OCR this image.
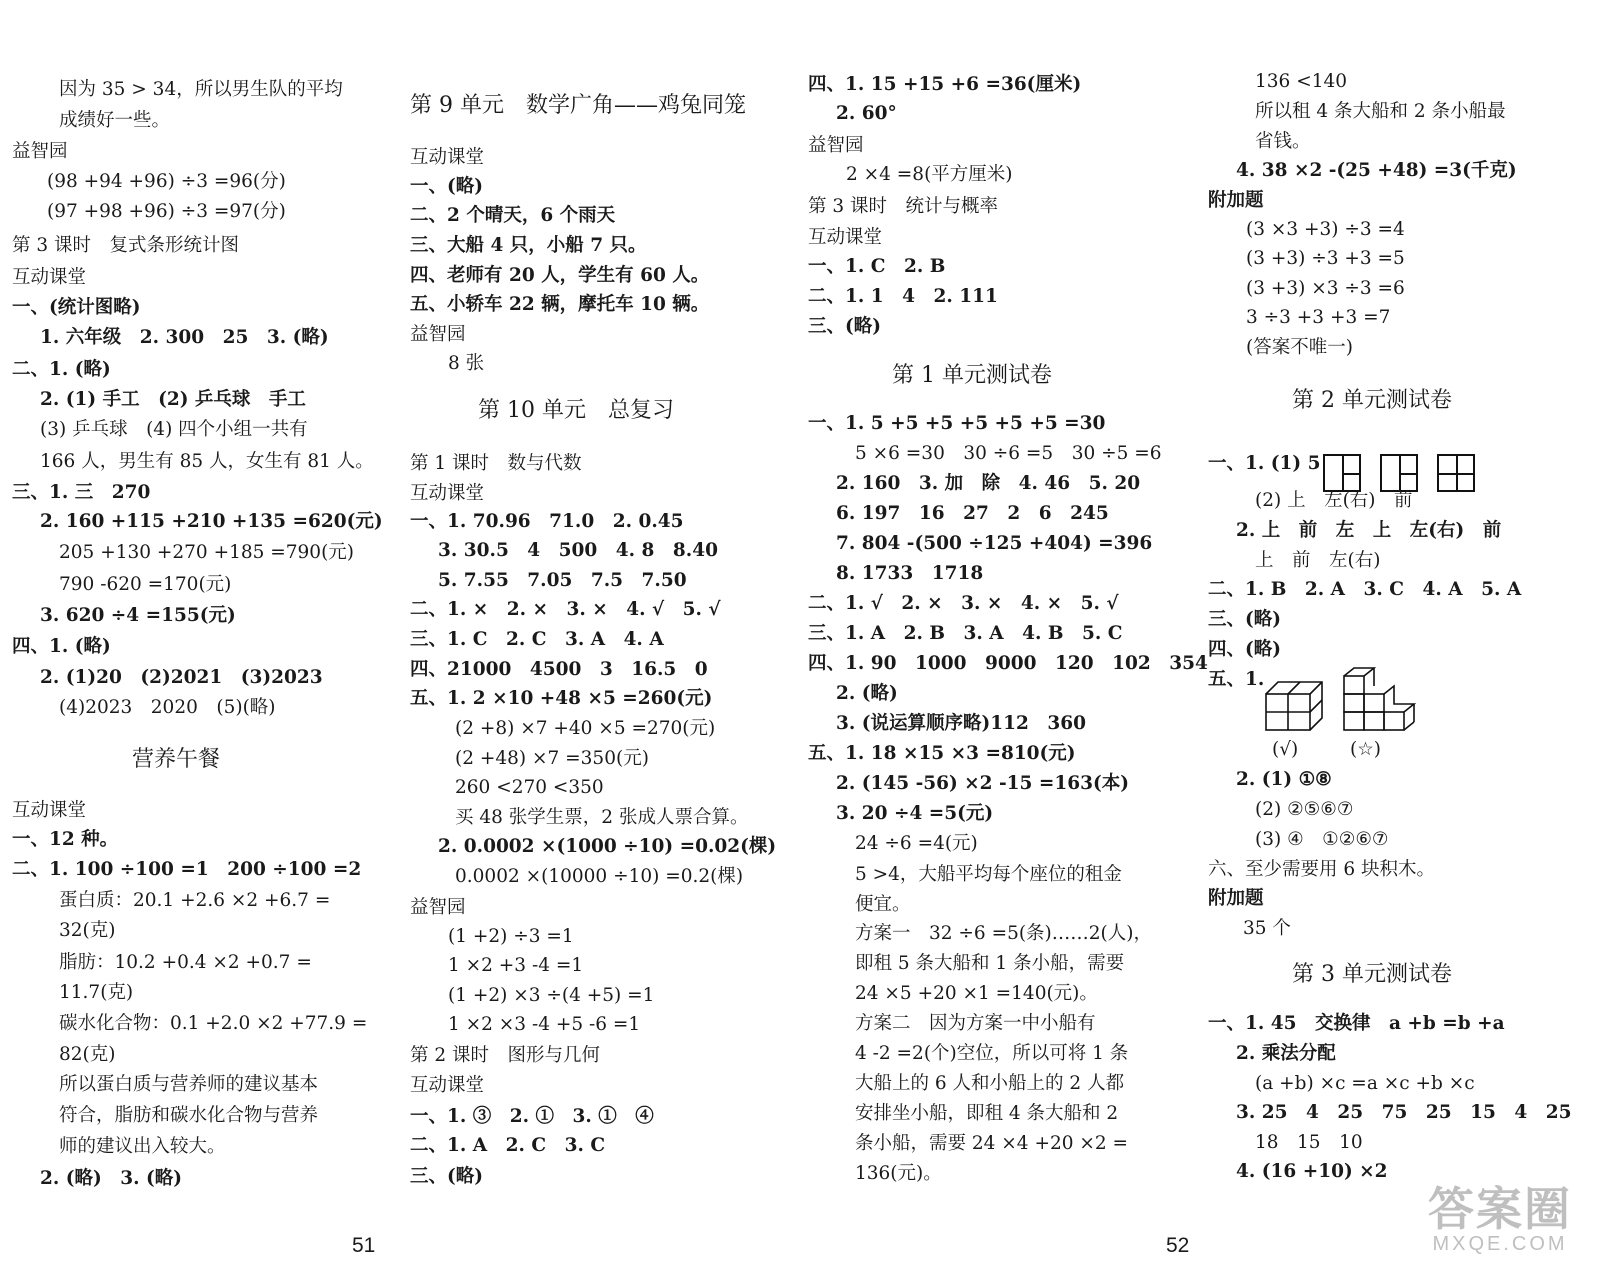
因为 35 > 34，所以男生队的平均
成绩好一些。
益智园
(98 +94 +96) ÷3 =96(分)
(97 +98 +96) ÷3 =97(分)
第 3 课时　复式条形统计图
互动课堂
一、(统计图略)
1. 六年级　2. 300　25　3. (略)
二、1. (略)
2. (1) 手工　(2) 乒乓球　手工
(3) 乒乓球　(4) 四个小组一共有
166 人，男生有 85 人，女生有 81 人。
三、1. 三　270
2. 160 +115 +210 +135 =620(元)
205 +130 +270 +185 =790(元)
790 -620 =170(元)
3. 620 ÷4 =155(元)
四、1. (略)
2. (1)20　(2)2021　(3)2023
(4)2023　2020　(5)(略)
营养午餐
互动课堂
一、12 种。
二、1. 100 ÷100 =1　200 ÷100 =2
蛋白质：20.1 +2.6 ×2 +6.7 =
32(克)
脂肪：10.2 +0.4 ×2 +0.7 =
11.7(克)
碳水化合物：0.1 +2.0 ×2 +77.9 =
82(克)
所以蛋白质与营养师的建议基本
符合，脂肪和碳水化合物与营养
师的建议出入较大。
2. (略)　3. (略)
第 9 单元　数学广角——鸡兔同笼
互动课堂
一、(略)
二、2 个晴天，6 个雨天
三、大船 4 只，小船 7 只。
四、老师有 20 人，学生有 60 人。
五、小轿车 22 辆，摩托车 10 辆。
益智园
8 张
第 10 单元　总复习
第 1 课时　数与代数
互动课堂
一、1. 70.96　71.0　2. 0.45
3. 30.5　4　500　4. 8　8.40
5. 7.55　7.05　7.5　7.50
二、1. ×　2. ×　3. ×　4. √　5. √
三、1. C　2. C　3. A　4. A
四、21000　4500　3　16.5　0
五、1. 2 ×10 +48 ×5 =260(元)
(2 +8) ×7 +40 ×5 =270(元)
(2 +48) ×7 =350(元)
260 <270 <350
买 48 张学生票，2 张成人票合算。
2. 0.0002 ×(1000 ÷10) =0.02(棵)
0.0002 ×(10000 ÷10) =0.2(棵)
益智园
(1 +2) ÷3 =1
1 ×2 +3 -4 =1
(1 +2) ×3 ÷(4 +5) =1
1 ×2 ×3 -4 +5 -6 =1
第 2 课时　图形与几何
互动课堂
一、1. ③　2. ①　3. ①　④
二、1. A　2. C　3. C
三、(略)
四、1. 15 +15 +6 =36(厘米)
2. 60°
益智园
2 ×4 =8(平方厘米)
第 3 课时　统计与概率
互动课堂
一、1. C　2. B
二、1. 1　4　2. 111
三、(略)
第 1 单元测试卷
一、1. 5 +5 +5 +5 +5 +5 =30
5 ×6 =30　30 ÷6 =5　30 ÷5 =6
2. 160　3. 加　除　4. 46　5. 20
6. 197　16　27　2　6　245
7. 804 -(500 ÷125 +404) =396
8. 1733　1718
二、1. √　2. ×　3. ×　4. ×　5. √
三、1. A　2. B　3. A　4. B　5. C
四、1. 90　1000　9000　120　102　354
2. (略)
3. (说运算顺序略)112　360
五、1. 18 ×15 ×3 =810(元)
2. (145 -56) ×2 -15 =163(本)
3. 20 ÷4 =5(元)
24 ÷6 =4(元)
5 >4，大船平均每个座位的租金
便宜。
方案一　32 ÷6 =5(条)……2(人)，
即租 5 条大船和 1 条小船，需要
24 ×5 +20 ×1 =140(元)。
方案二　因为方案一中小船有
4 -2 =2(个)空位，所以可将 1 条
大船上的 6 人和小船上的 2 人都
安排坐小船，即租 4 条大船和 2
条小船，需要 24 ×4 +20 ×2 =
136(元)。
136 <140
所以租 4 条大船和 2 条小船最
省钱。
4. 38 ×2 -(25 +48) =3(千克)
附加题
(3 ×3 +3) ÷3 =4
(3 +3) ÷3 +3 =5
(3 +3) ×3 ÷3 =6
3 ÷3 +3 +3 =7
(答案不唯一)
第 2 单元测试卷
一、1. (1) 5
(2) 上　左(右)　前
2. 上　前　左　上　左(右)　前
上　前　左(右)
二、1. B　2. A　3. C　4. A　5. A
三、(略)
四、(略)
五、1.
(√)	(☆)
2. (1) ①⑧
(2) ②⑤⑥⑦
(3) ④　①②⑥⑦
六、至少需要用 6 块积木。
附加题
35 个
第 3 单元测试卷
一、1. 45　交换律　a +b =b +a
2. 乘法分配
(a +b) ×c =a ×c +b ×c
3. 25　4　25　75　25　15　4　25
18　15　10
4. (16 +10) ×2
51	52
答案圈
MXQE.COM
